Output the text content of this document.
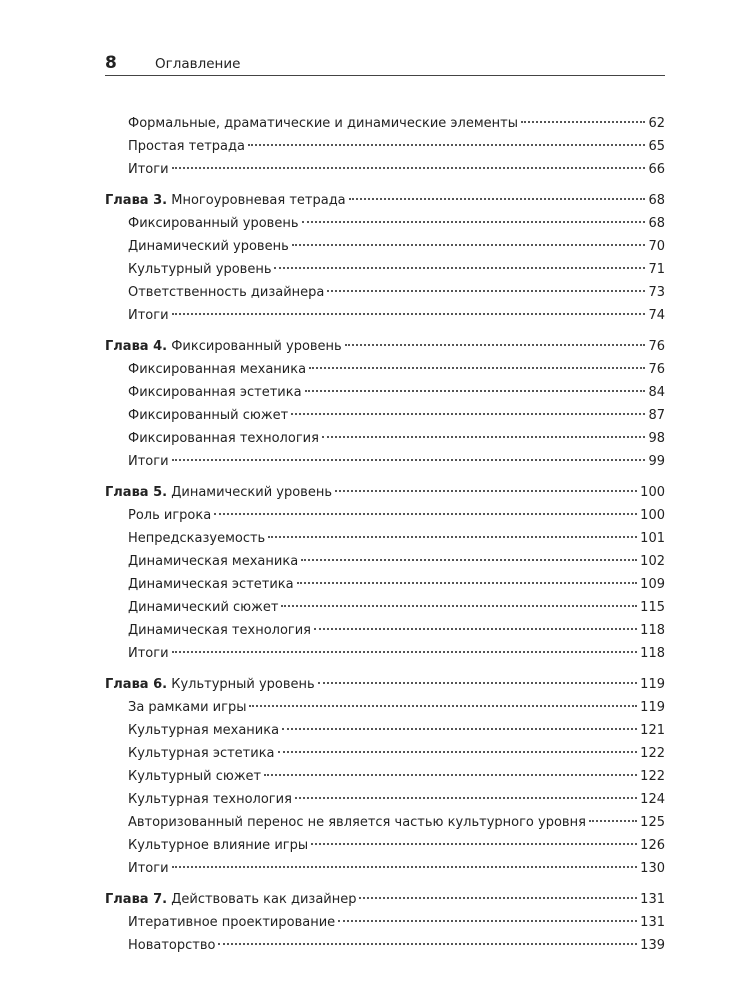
8	Оглавление
Формальные, драматические и динамические элементы	62
Простая тетрада	65
Итоги	66
Глава 3. Многоуровневая тетрада	68
Фиксированный уровень	68
Динамический уровень	70
Культурный уровень	71
Ответственность дизайнера	73
Итоги	74
Глава 4. Фиксированный уровень	76
Фиксированная механика	76
Фиксированная эстетика	84
Фиксированный сюжет	87
Фиксированная технология	98
Итоги	99
Глава 5. Динамический уровень	100
Роль игрока	100
Непредсказуемость	101
Динамическая механика	102
Динамическая эстетика	109
Динамический сюжет	115
Динамическая технология	118
Итоги	118
Глава 6. Культурный уровень	119
За рамками игры	119
Культурная механика	121
Культурная эстетика	122
Культурный сюжет	122
Культурная технология	124
Авторизованный перенос не является частью культурного уровня	125
Культурное влияние игры	126
Итоги	130
Глава 7. Действовать как дизайнер	131
Итеративное проектирование	131
Новаторство	139
